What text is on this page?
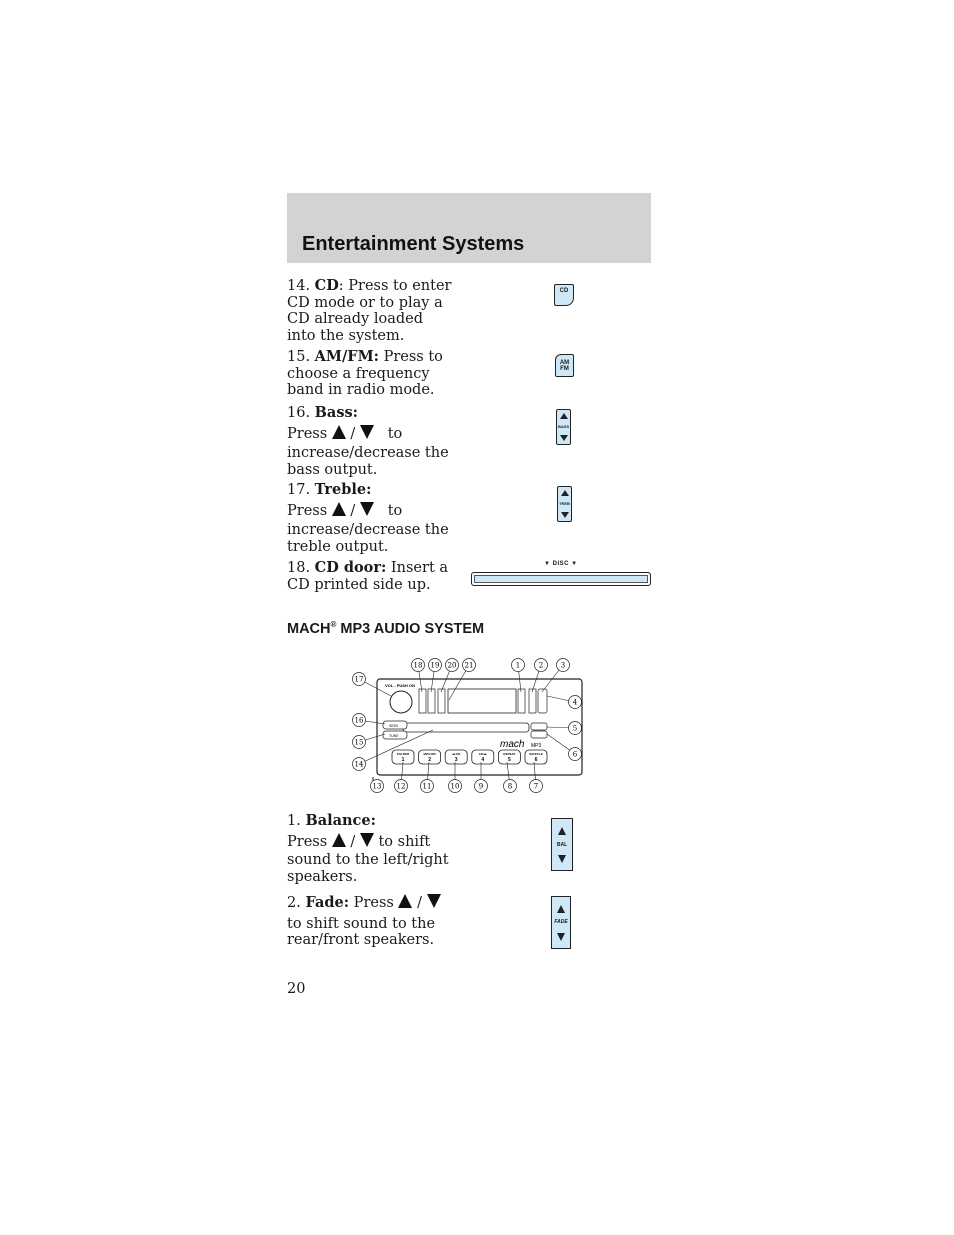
Entertainment Systems
14. CD: Press to enter CD mode or to play a CD already loaded into the system.
CD
15. AM/FM: Press to choose a frequency band in radio mode.
AM
FM
16. Bass:

Press / to
increase/decrease the bass output.
BASS
17. Treble:

Press / to
increase/decrease the treble output.
TREB
18. CD door: Insert a CD printed side up.
▼ DISC ▼
MACH® MP3 AUDIO SYSTEM
VOL - PUSH ON
SEEK
TUNE
mach MP3
FOLDER
1
MP3 DIR
2
◂◂ CD
3
CD ▸▸
4
REPEAT
5
SHUFFLE
6
18 19 20 21	1	2	3
4
5
6
17
16
15
14
13 12 11	10	9	8	7
1. Balance:

Press / to shift
sound to the left/right speakers.
BAL
2. Fade: Press /
to shift sound to the rear/front speakers.
FADE
20
